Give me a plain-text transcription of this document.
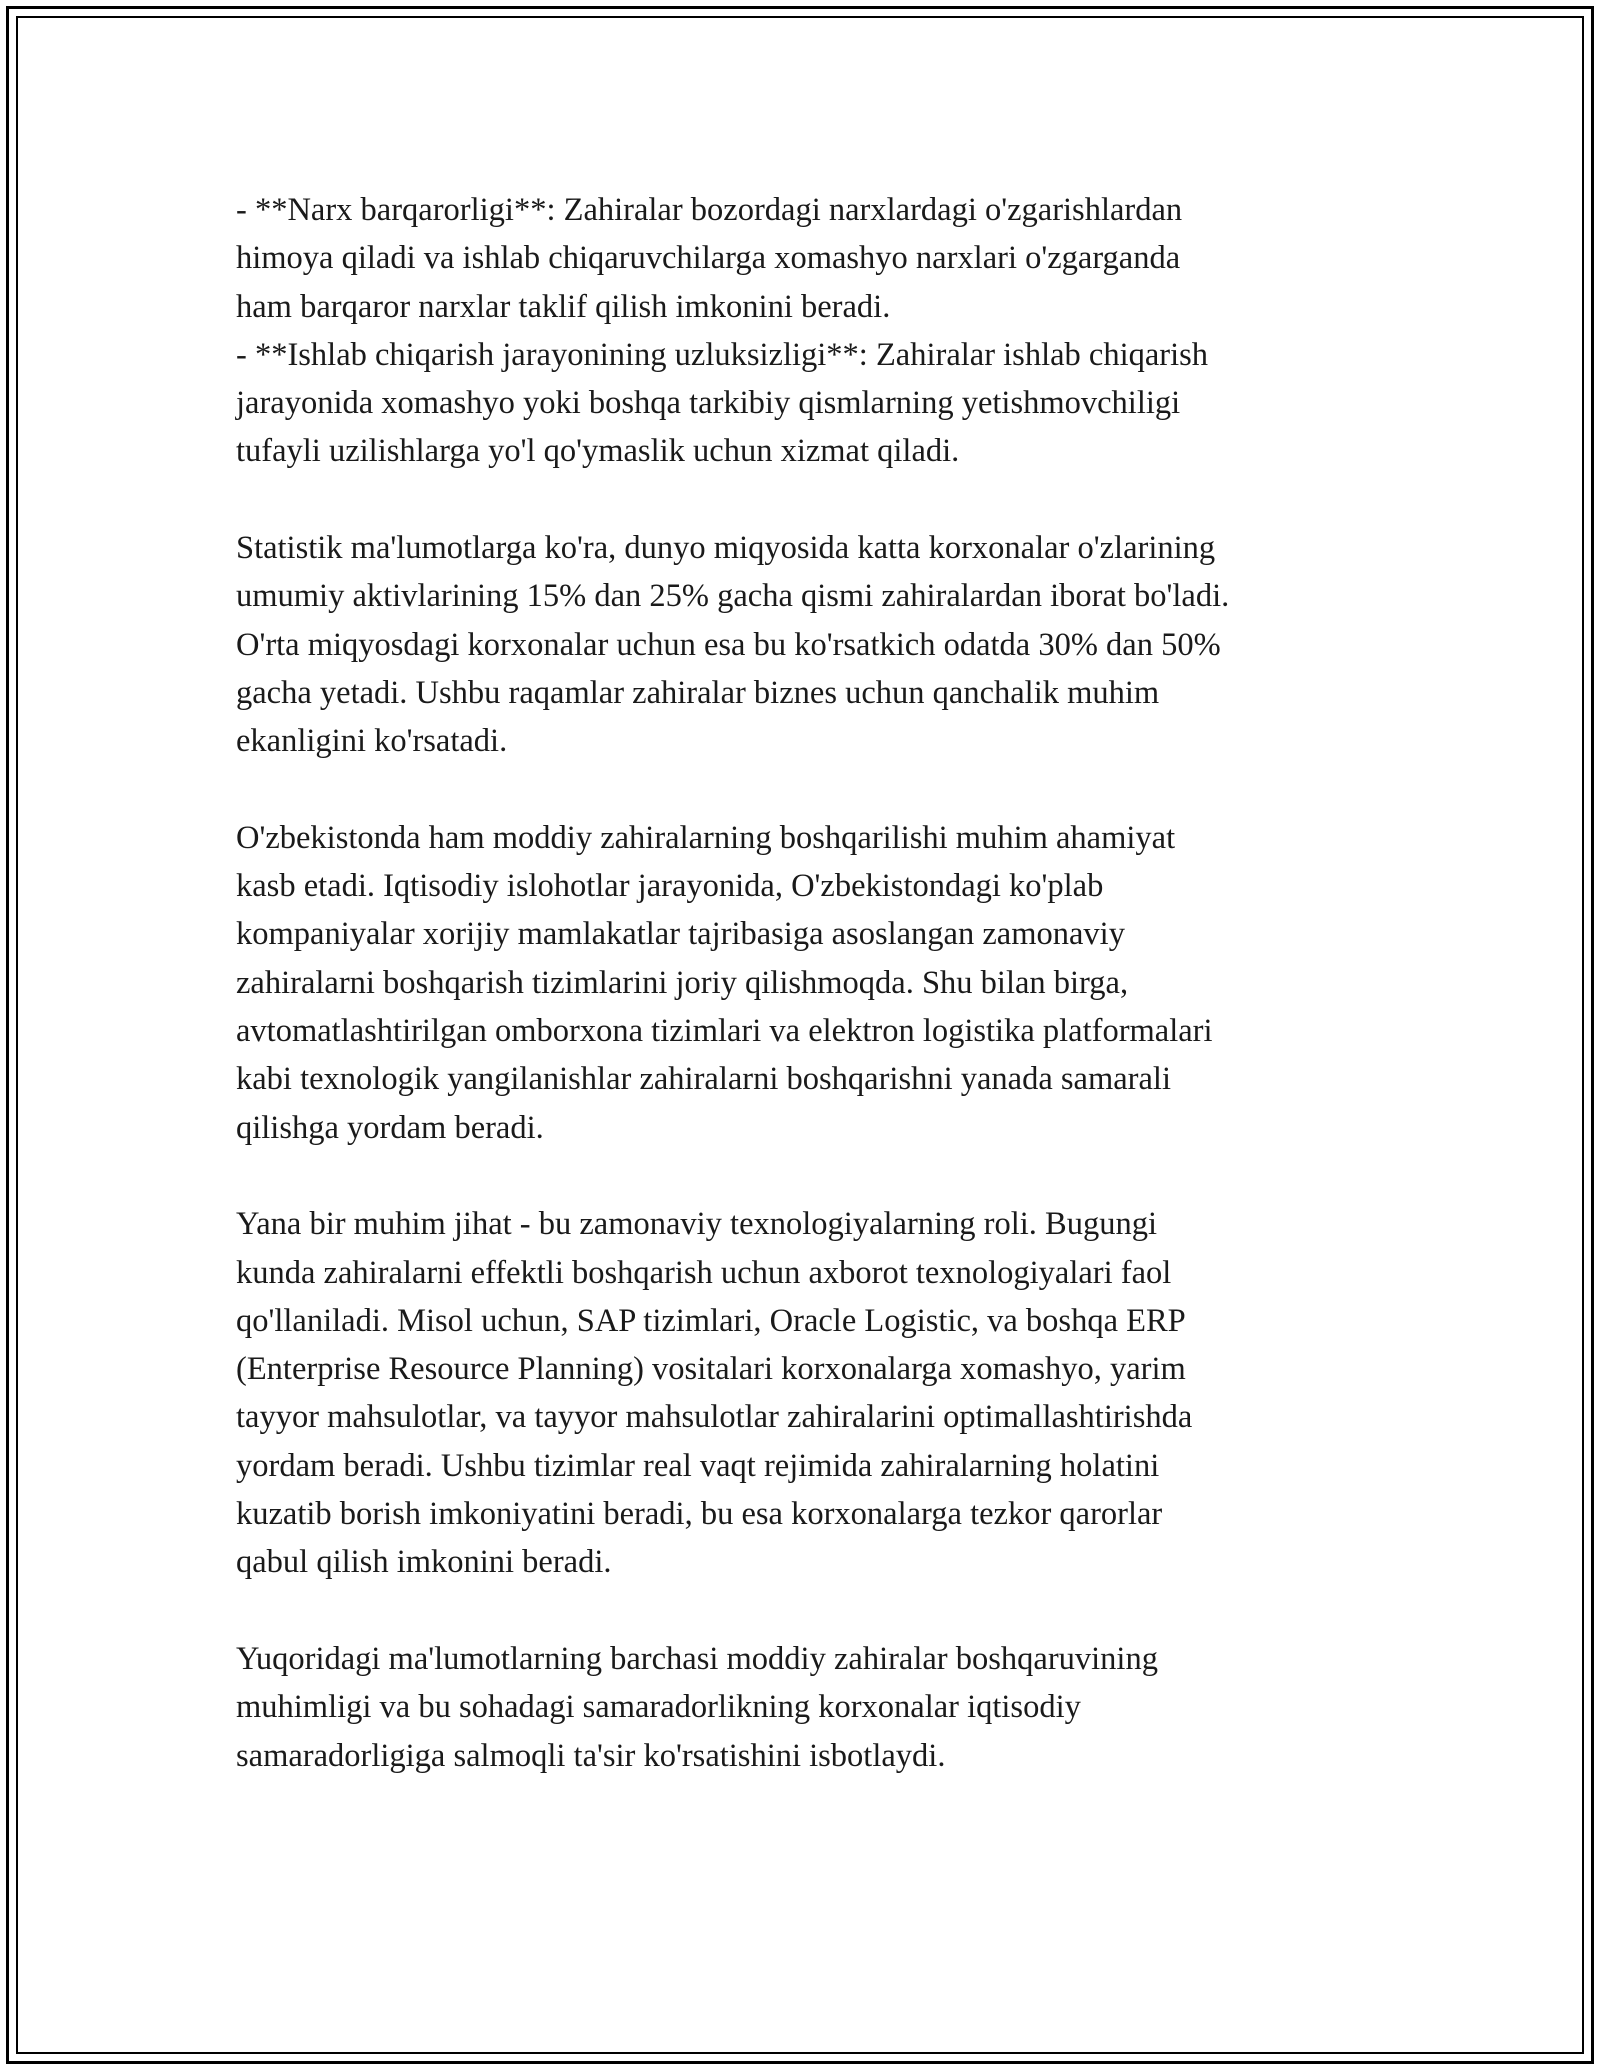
- **Narx barqarorligi**: Zahiralar bozordagi narxlardagi o'zgarishlardan
himoya qiladi va ishlab chiqaruvchilarga xomashyo narxlari o'zgarganda
ham barqaror narxlar taklif qilish imkonini beradi.
- **Ishlab chiqarish jarayonining uzluksizligi**: Zahiralar ishlab chiqarish
jarayonida xomashyo yoki boshqa tarkibiy qismlarning yetishmovchiligi
tufayli uzilishlarga yo'l qo'ymaslik uchun xizmat qiladi.
Statistik ma'lumotlarga ko'ra, dunyo miqyosida katta korxonalar o'zlarining
umumiy aktivlarining 15% dan 25% gacha qismi zahiralardan iborat bo'ladi.
O'rta miqyosdagi korxonalar uchun esa bu ko'rsatkich odatda 30% dan 50%
gacha yetadi. Ushbu raqamlar zahiralar biznes uchun qanchalik muhim
ekanligini ko'rsatadi.
O'zbekistonda ham moddiy zahiralarning boshqarilishi muhim ahamiyat
kasb etadi. Iqtisodiy islohotlar jarayonida, O'zbekistondagi ko'plab
kompaniyalar xorijiy mamlakatlar tajribasiga asoslangan zamonaviy
zahiralarni boshqarish tizimlarini joriy qilishmoqda. Shu bilan birga,
avtomatlashtirilgan omborxona tizimlari va elektron logistika platformalari
kabi texnologik yangilanishlar zahiralarni boshqarishni yanada samarali
qilishga yordam beradi.
Yana bir muhim jihat - bu zamonaviy texnologiyalarning roli. Bugungi
kunda zahiralarni effektli boshqarish uchun axborot texnologiyalari faol
qo'llaniladi. Misol uchun, SAP tizimlari, Oracle Logistic, va boshqa ERP
(Enterprise Resource Planning) vositalari korxonalarga xomashyo, yarim
tayyor mahsulotlar, va tayyor mahsulotlar zahiralarini optimallashtirishda
yordam beradi. Ushbu tizimlar real vaqt rejimida zahiralarning holatini
kuzatib borish imkoniyatini beradi, bu esa korxonalarga tezkor qarorlar
qabul qilish imkonini beradi.
Yuqoridagi ma'lumotlarning barchasi moddiy zahiralar boshqaruvining
muhimligi va bu sohadagi samaradorlikning korxonalar iqtisodiy
samaradorligiga salmoqli ta'sir ko'rsatishini isbotlaydi.
